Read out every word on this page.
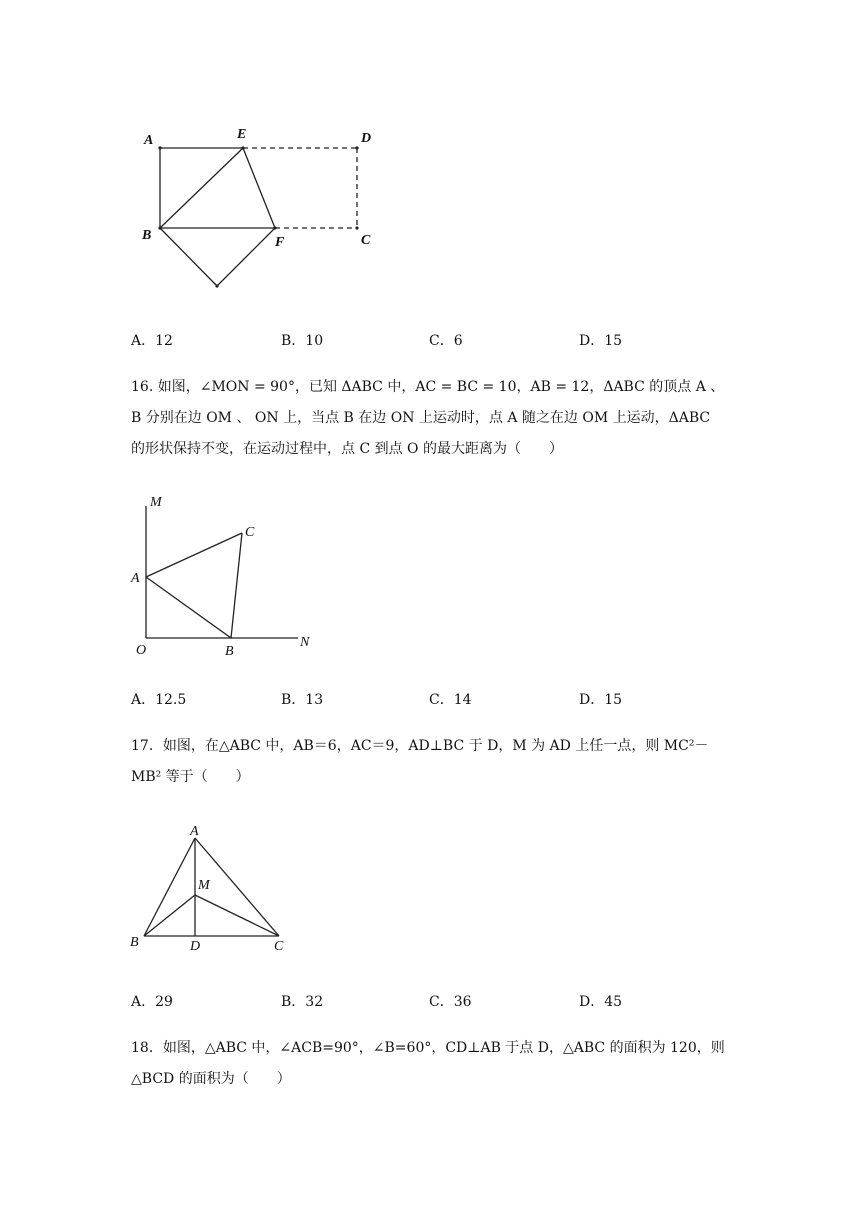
A	E	D
B	F	C
A．12	B．10	C．6	D．15
16. 如图，∠MON = 90°，已知 ΔABC 中，AC = BC = 10，AB = 12，ΔABC 的顶点 A 、
B 分别在边 OM 、 ON 上，当点 B 在边 ON 上运动时，点 A 随之在边 OM 上运动，ΔABC
的形状保持不变，在运动过程中，点 C 到点 O 的最大距离为（　　）
M
C
A
O	B
N
A．12.5	B．13	C．14	D．15
17．如图，在△ABC 中，AB＝6，AC＝9，AD⊥BC 于 D，M 为 AD 上任一点，则 MC²－
MB² 等于（　　）
A
M
B	D	C
A．29	B．32	C．36	D．45
18．如图，△ABC 中，∠ACB=90°，∠B=60°，CD⊥AB 于点 D，△ABC 的面积为 120，则
△BCD 的面积为（　　）
